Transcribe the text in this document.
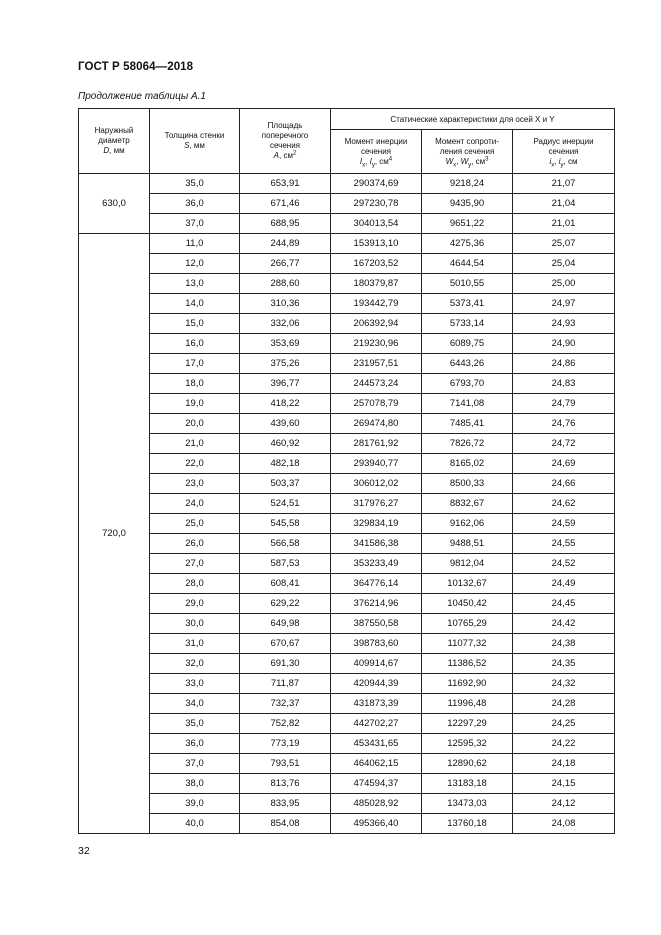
ГОСТ Р 58064—2018
Продолжение таблицы А.1
Наружный
диаметр
D, мм	Толщина стенки
S, мм	Площадь
поперечного
сечения
A, $см^2$	Статические характеристики для осей X и Y		
			Момент инерции
сечения
$I_x$, $I_y$, $см^4$	Момент сопроти-
ления сечения
$W_x$, $W_y$, $см^3$	Радиус инерции
сечения
$i_x$, $i_y$, см
630,0	35,0	653,91	290374,69	9218,24	21,07
	36,0	671,46	297230,78	9435,90	21,04
	37,0	688,95	304013,54	9651,22	21,01
720,0	11,0	244,89	153913,10	4275,36	25,07
	12,0	266,77	167203,52	4644,54	25,04
	13,0	288,60	180379,87	5010,55	25,00
	14,0	310,36	193442,79	5373,41	24,97
	15,0	332,06	206392,94	5733,14	24,93
	16,0	353,69	219230,96	6089,75	24,90
	17,0	375,26	231957,51	6443,26	24,86
	18,0	396,77	244573,24	6793,70	24,83
	19,0	418,22	257078,79	7141,08	24,79
	20,0	439,60	269474,80	7485,41	24,76
	21,0	460,92	281761,92	7826,72	24,72
	22,0	482,18	293940,77	8165,02	24,69
	23,0	503,37	306012,02	8500,33	24,66
	24,0	524,51	317976,27	8832,67	24,62
	25,0	545,58	329834,19	9162,06	24,59
	26,0	566,58	341586,38	9488,51	24,55
	27,0	587,53	353233,49	9812,04	24,52
	28,0	608,41	364776,14	10132,67	24,49
	29,0	629,22	376214,96	10450,42	24,45
	30,0	649,98	387550,58	10765,29	24,42
	31,0	670,67	398783,60	11077,32	24,38
	32,0	691,30	409914,67	11386,52	24,35
	33,0	711,87	420944,39	11692,90	24,32
	34,0	732,37	431873,39	11996,48	24,28
	35,0	752,82	442702,27	12297,29	24,25
	36,0	773,19	453431,65	12595,32	24,22
	37,0	793,51	464062,15	12890,62	24,18
	38,0	813,76	474594,37	13183,18	24,15
	39,0	833,95	485028,92	13473,03	24,12
	40,0	854,08	495366,40	13760,18	24,08
32
